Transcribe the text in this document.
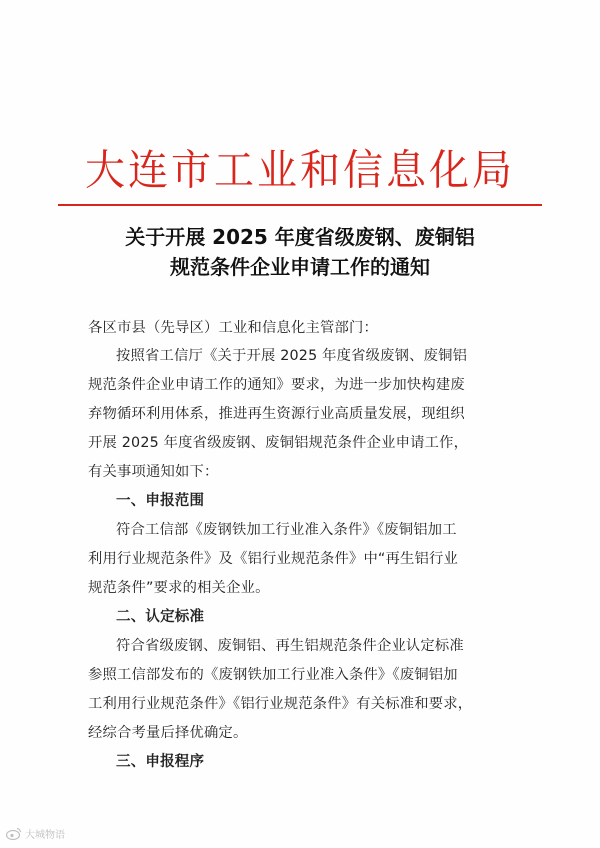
大连市工业和信息化局
关于开展 2025 年度省级废钢、废铜铝
规范条件企业申请工作的通知
各区市县（先导区）工业和信息化主管部门：
按照省工信厅《关于开展 2025 年度省级废钢、废铜铝
规范条件企业申请工作的通知》要求，为进一步加快构建废
弃物循环利用体系，推进再生资源行业高质量发展，现组织
开展 2025 年度省级废钢、废铜铝规范条件企业申请工作，
有关事项通知如下：
一、申报范围
符合工信部《废钢铁加工行业准入条件》《废铜铝加工
利用行业规范条件》及《铝行业规范条件》中“再生铝行业
规范条件”要求的相关企业。
二、认定标准
符合省级废钢、废铜铝、再生铝规范条件企业认定标准
参照工信部发布的《废钢铁加工行业准入条件》《废铜铝加
工利用行业规范条件》《铝行业规范条件》有关标准和要求，
经综合考量后择优确定。
三、申报程序
大城物语
